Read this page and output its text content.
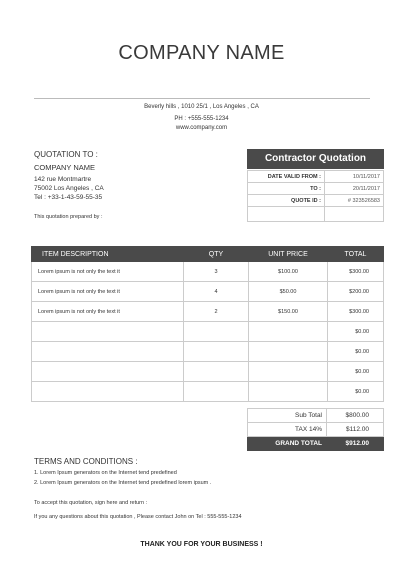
COMPANY NAME
Beverly hills , 1010 25/1 , Los Angeles , CA
PH : +555-555-1234
www.company.com
QUOTATION TO :
COMPANY NAME
142 rue Montmartre
75002 Los Angeles , CA
Tel : +33-1-43-59-55-35
This quotation prepared by :
Contractor Quotation
DATE VALID FROM :	10/11/2017
TO :	20/11/2017
QUOTE ID :	# 323526583

ITEM DESCRIPTION	QTY	UNIT PRICE	TOTAL
Lorem ipsum is not only the text it	3	$100.00	$300.00
Lorem ipsum is not only the text it	4	$50.00	$200.00
Lorem ipsum is not only the text it	2	$150.00	$300.00
			$0.00
			$0.00
			$0.00
			$0.00
Sub Total	$800.00
TAX 14%	$112.00
GRAND TOTAL	$912.00
TERMS AND CONDITIONS :
1. Lorem Ipsum generators on the Internet tend predefined
2. Lorem Ipsum generators on the Internet tend predefined lorem ipsum .
To accept this quotation, sign here and return :
If you any questions about this quotation , Please contact John on Tel : 555-555-1234
THANK YOU FOR YOUR BUSINESS !
